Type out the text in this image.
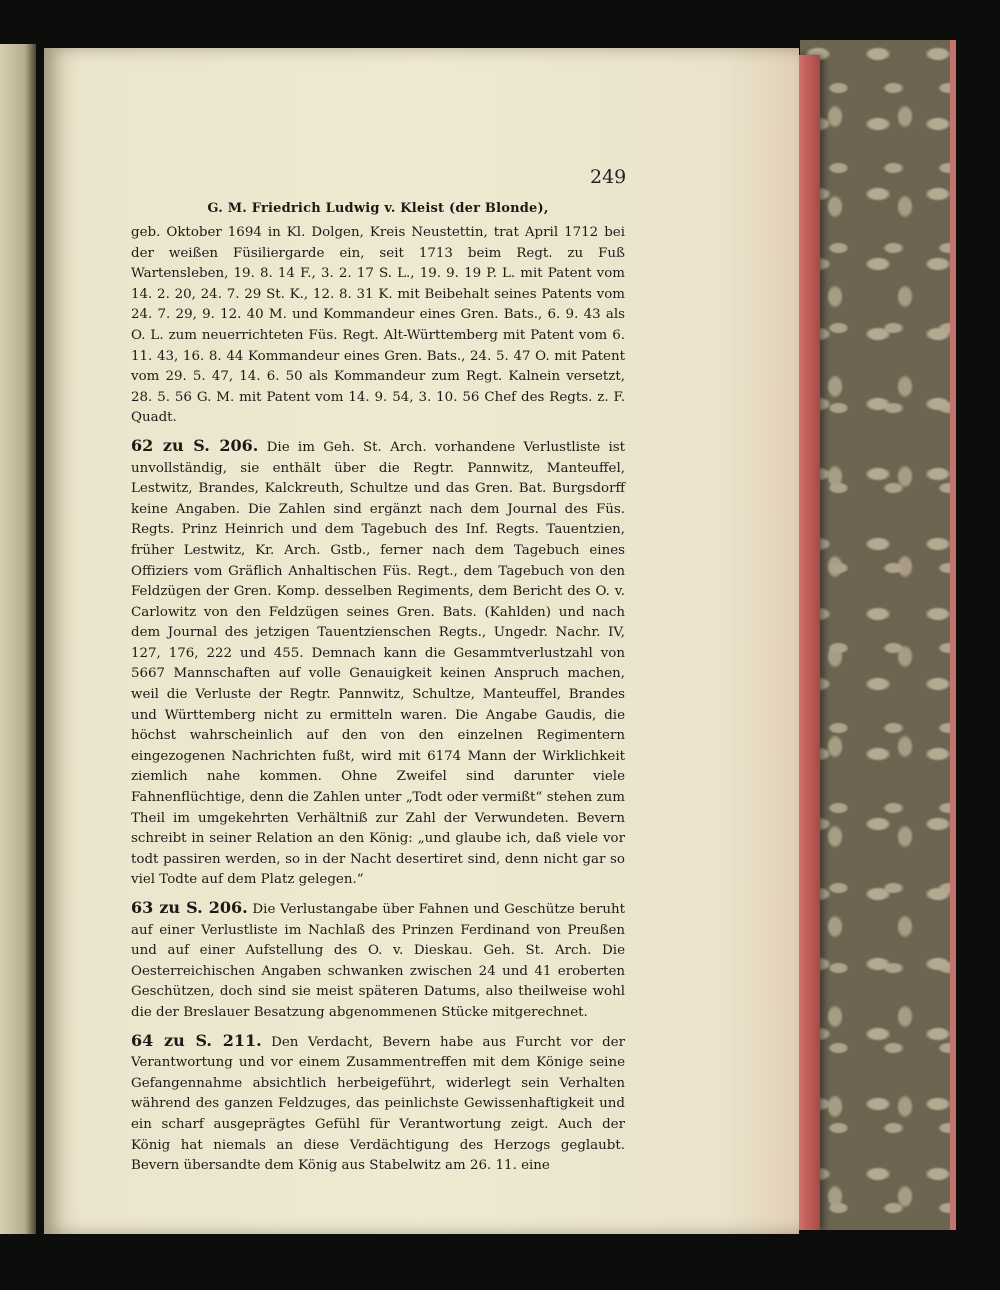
249
G. M. Friedrich Ludwig v. Kleist (der Blonde),

geb. Oktober 1694 in Kl. Dolgen, Kreis Neustettin, trat April 1712 bei der weißen Füsiliergarde ein, seit 1713 beim Regt. zu Fuß Wartensleben, 19. 8. 14 F., 3. 2. 17 S. L., 19. 9. 19 P. L. mit Patent vom 14. 2. 20, 24. 7. 29 St. K., 12. 8. 31 K. mit Beibehalt seines Patents vom 24. 7. 29, 9. 12. 40 M. und Kommandeur eines Gren. Bats., 6. 9. 43 als O. L. zum neuerrichteten Füs. Regt. Alt-Württemberg mit Patent vom 6. 11. 43, 16. 8. 44 Kommandeur eines Gren. Bats., 24. 5. 47 O. mit Patent vom 29. 5. 47, 14. 6. 50 als Kommandeur zum Regt. Kalnein versetzt, 28. 5. 56 G. M. mit Patent vom 14. 9. 54, 3. 10. 56 Chef des Regts. z. F. Quadt.

62 zu S. 206. Die im Geh. St. Arch. vorhandene Verlustliste ist unvollständig, sie enthält über die Regtr. Pannwitz, Manteuffel, Lestwitz, Brandes, Kalckreuth, Schultze und das Gren. Bat. Burgsdorff keine Angaben. Die Zahlen sind ergänzt nach dem Journal des Füs. Regts. Prinz Heinrich und dem Tagebuch des Inf. Regts. Tauentzien, früher Lestwitz, Kr. Arch. Gstb., ferner nach dem Tagebuch eines Offiziers vom Gräflich Anhaltischen Füs. Regt., dem Tagebuch von den Feldzügen der Gren. Komp. desselben Regiments, dem Bericht des O. v. Carlowitz von den Feldzügen seines Gren. Bats. (Kahlden) und nach dem Journal des jetzigen Tauentzienschen Regts., Ungedr. Nachr. IV, 127, 176, 222 und 455. Demnach kann die Gesammtverlustzahl von 5667 Mannschaften auf volle Genauigkeit keinen Anspruch machen, weil die Verluste der Regtr. Pannwitz, Schultze, Manteuffel, Brandes und Württemberg nicht zu ermitteln waren. Die Angabe Gaudis, die höchst wahrscheinlich auf den von den einzelnen Regimentern eingezogenen Nachrichten fußt, wird mit 6174 Mann der Wirklichkeit ziemlich nahe kommen. Ohne Zweifel sind darunter viele Fahnenflüchtige, denn die Zahlen unter „Todt oder vermißt“ stehen zum Theil im umgekehrten Verhältniß zur Zahl der Verwundeten. Bevern schreibt in seiner Relation an den König: „und glaube ich, daß viele vor todt passiren werden, so in der Nacht desertiret sind, denn nicht gar so viel Todte auf dem Platz gelegen.“

63 zu S. 206. Die Verlustangabe über Fahnen und Geschütze beruht auf einer Verlustliste im Nachlaß des Prinzen Ferdinand von Preußen und auf einer Aufstellung des O. v. Dieskau. Geh. St. Arch. Die Oesterreichischen Angaben schwanken zwischen 24 und 41 eroberten Geschützen, doch sind sie meist späteren Datums, also theilweise wohl die der Breslauer Besatzung abgenommenen Stücke mitgerechnet.

64 zu S. 211. Den Verdacht, Bevern habe aus Furcht vor der Verantwortung und vor einem Zusammentreffen mit dem Könige seine Gefangennahme absichtlich herbeigeführt, widerlegt sein Verhalten während des ganzen Feldzuges, das peinlichste Gewissenhaftigkeit und ein scharf ausgeprägtes Gefühl für Verantwortung zeigt. Auch der König hat niemals an diese Verdächtigung des Herzogs geglaubt. Bevern übersandte dem König aus Stabelwitz am 26. 11. eine
